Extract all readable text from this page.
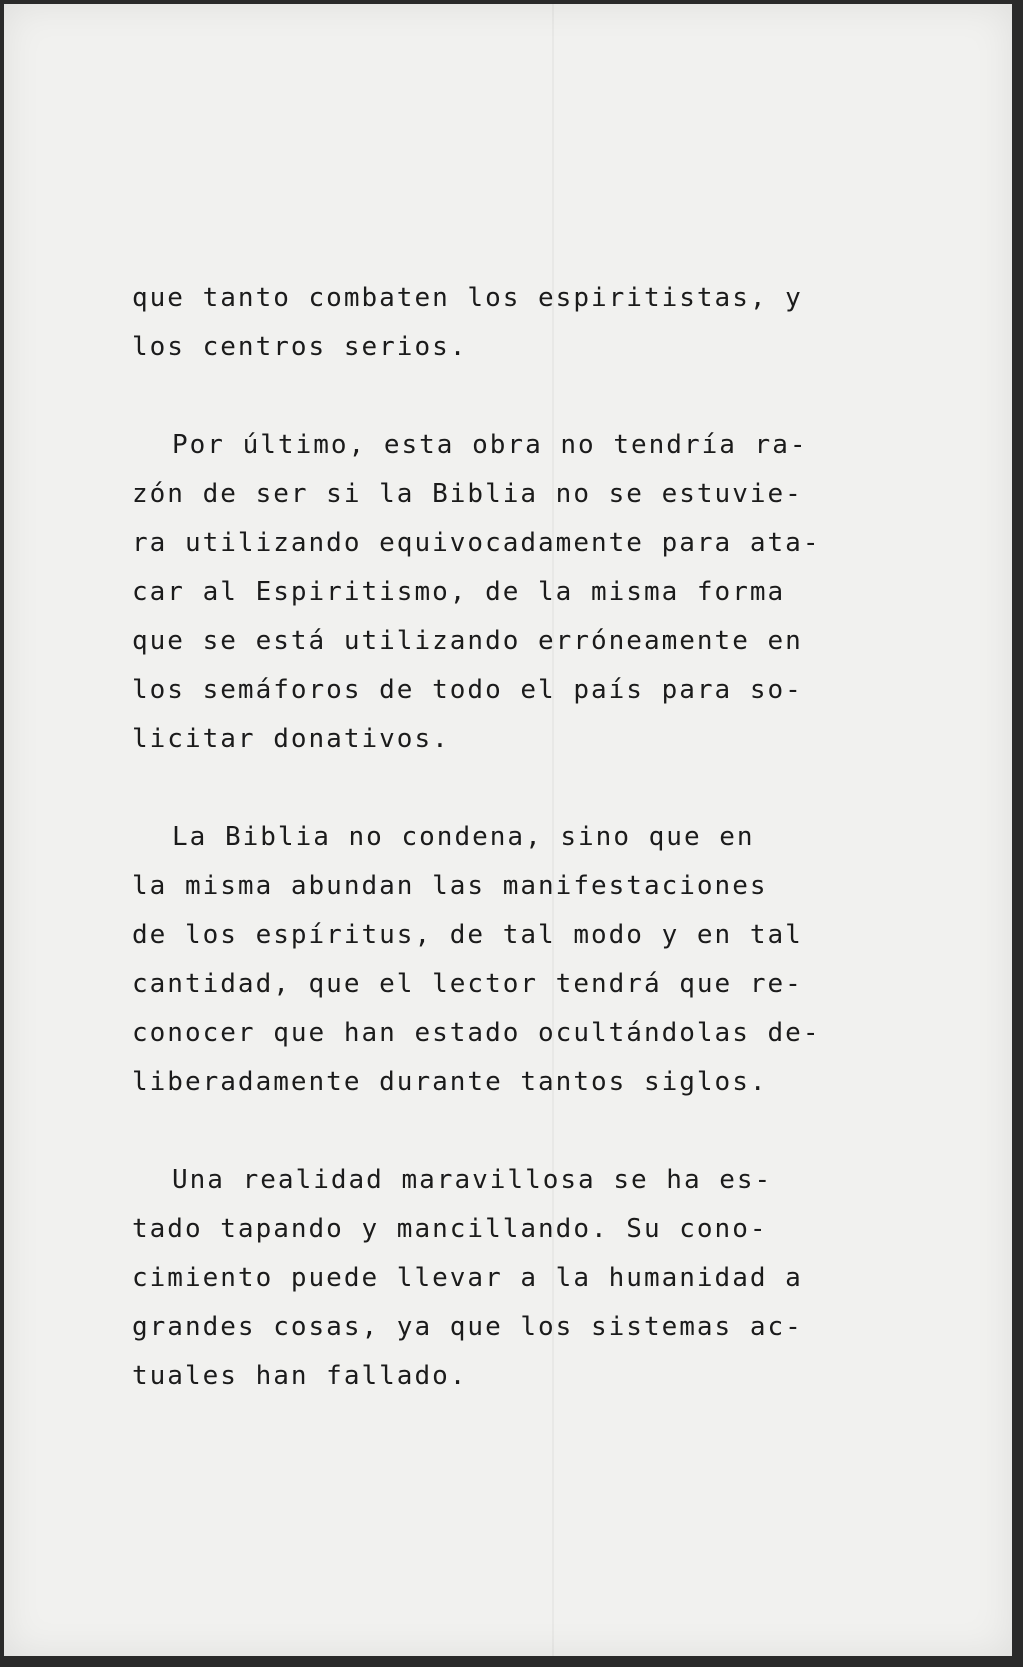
que tanto combaten los espiritistas, y
los centros serios.

Por último, esta obra no tendría ra-
zón de ser si la Biblia no se estuvie-
ra utilizando equivocadamente para ata-
car al Espiritismo, de la misma forma
que se está utilizando erróneamente en
los semáforos de todo el país para so-
licitar donativos.

La Biblia no condena, sino que en
la misma abundan las manifestaciones
de los espíritus, de tal modo y en tal
cantidad, que el lector tendrá que re-
conocer que han estado ocultándolas de-
liberadamente durante tantos siglos.

Una realidad maravillosa se ha es-
tado tapando y mancillando. Su cono-
cimiento puede llevar a la humanidad a
grandes cosas, ya que los sistemas ac-
tuales han fallado.
